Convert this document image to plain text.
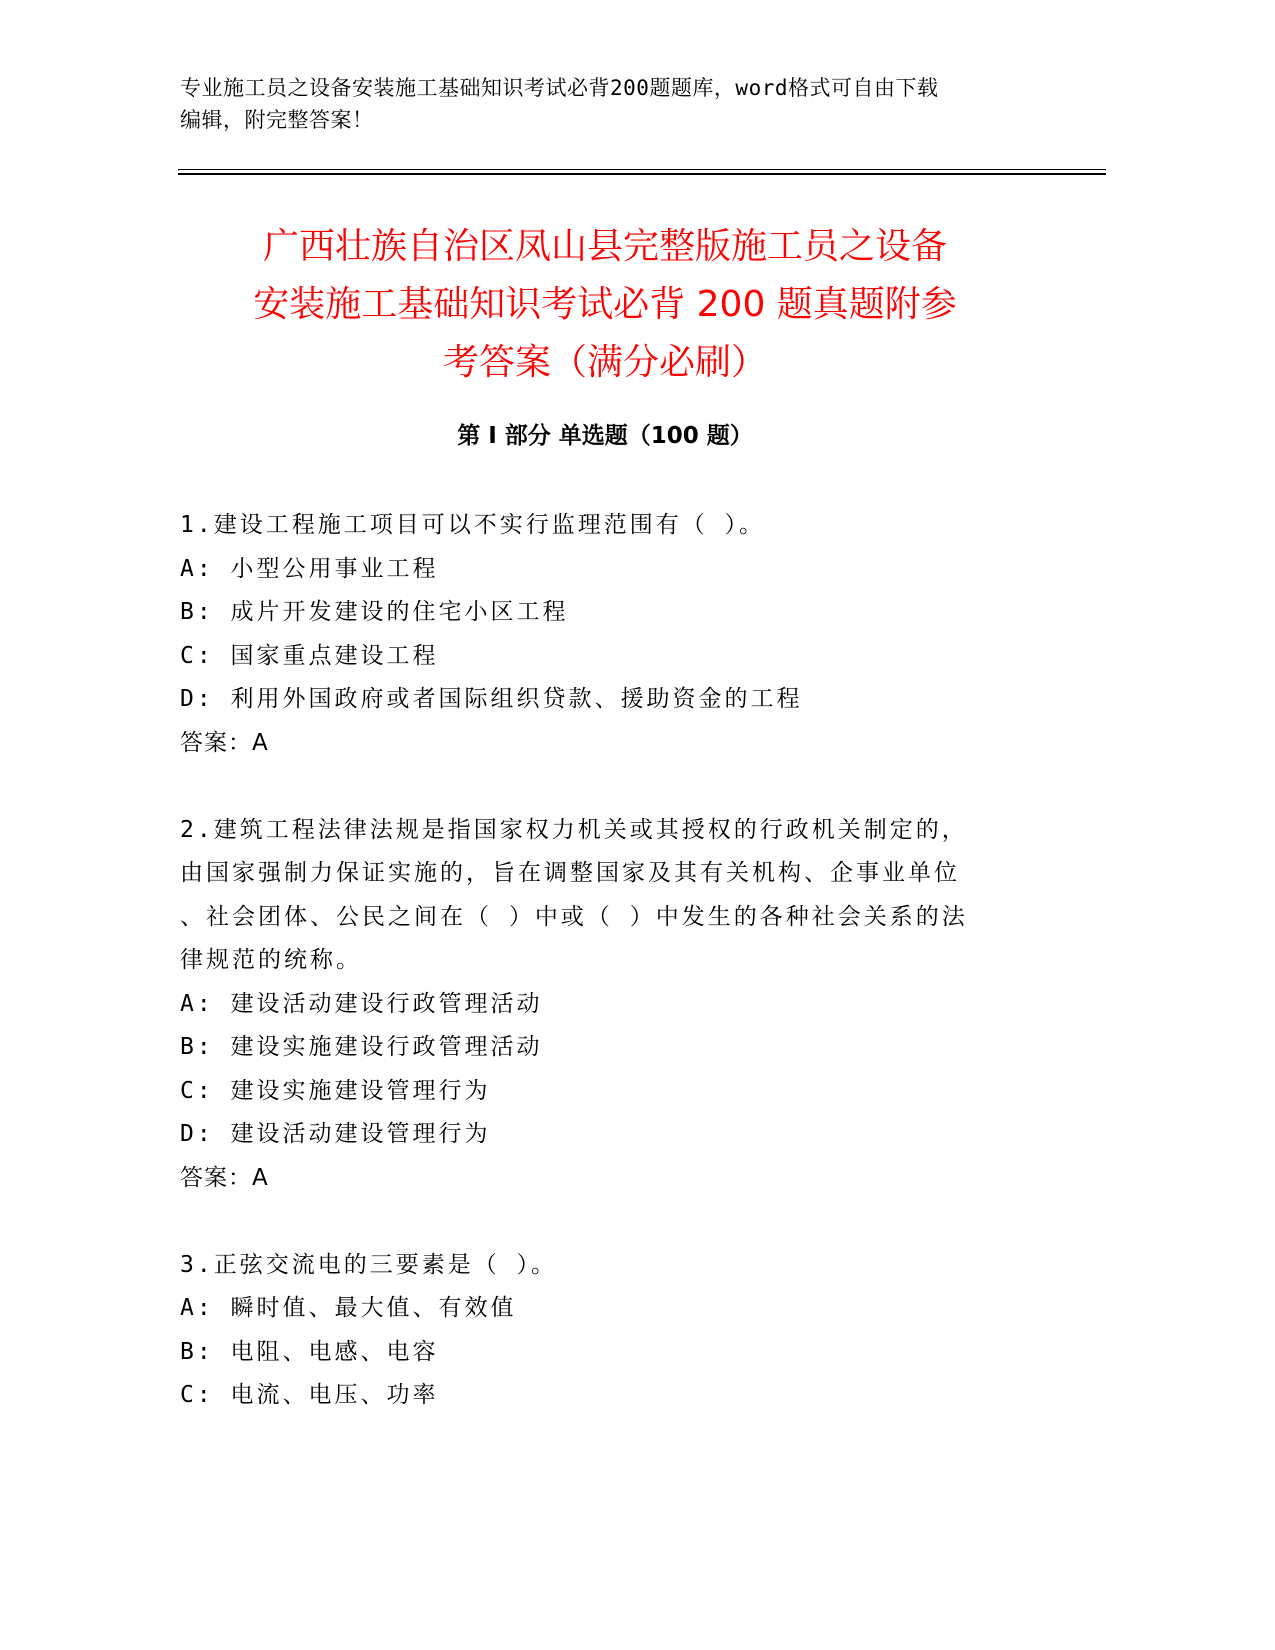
专业施工员之设备安装施工基础知识考试必背200题题库，word格式可自由下载
编辑，附完整答案！
广西壮族自治区凤山县完整版施工员之设备
安装施工基础知识考试必背 200 题真题附参
考答案（满分必刷）
第 I 部分 单选题（100 题）

1.建设工程施工项目可以不实行监理范围有（ ）。

A: 小型公用事业工程

B: 成片开发建设的住宅小区工程

C: 国家重点建设工程

D: 利用外国政府或者国际组织贷款、援助资金的工程

答案：A

2.建筑工程法律法规是指国家权力机关或其授权的行政机关制定的，

由国家强制力保证实施的，旨在调整国家及其有关机构、企事业单位

、社会团体、公民之间在（ ）中或（ ）中发生的各种社会关系的法

律规范的统称。

A: 建设活动建设行政管理活动

B: 建设实施建设行政管理活动

C: 建设实施建设管理行为

D: 建设活动建设管理行为

答案：A

3.正弦交流电的三要素是（ ）。

A: 瞬时值、最大值、有效值

B: 电阻、电感、电容

C: 电流、电压、功率
